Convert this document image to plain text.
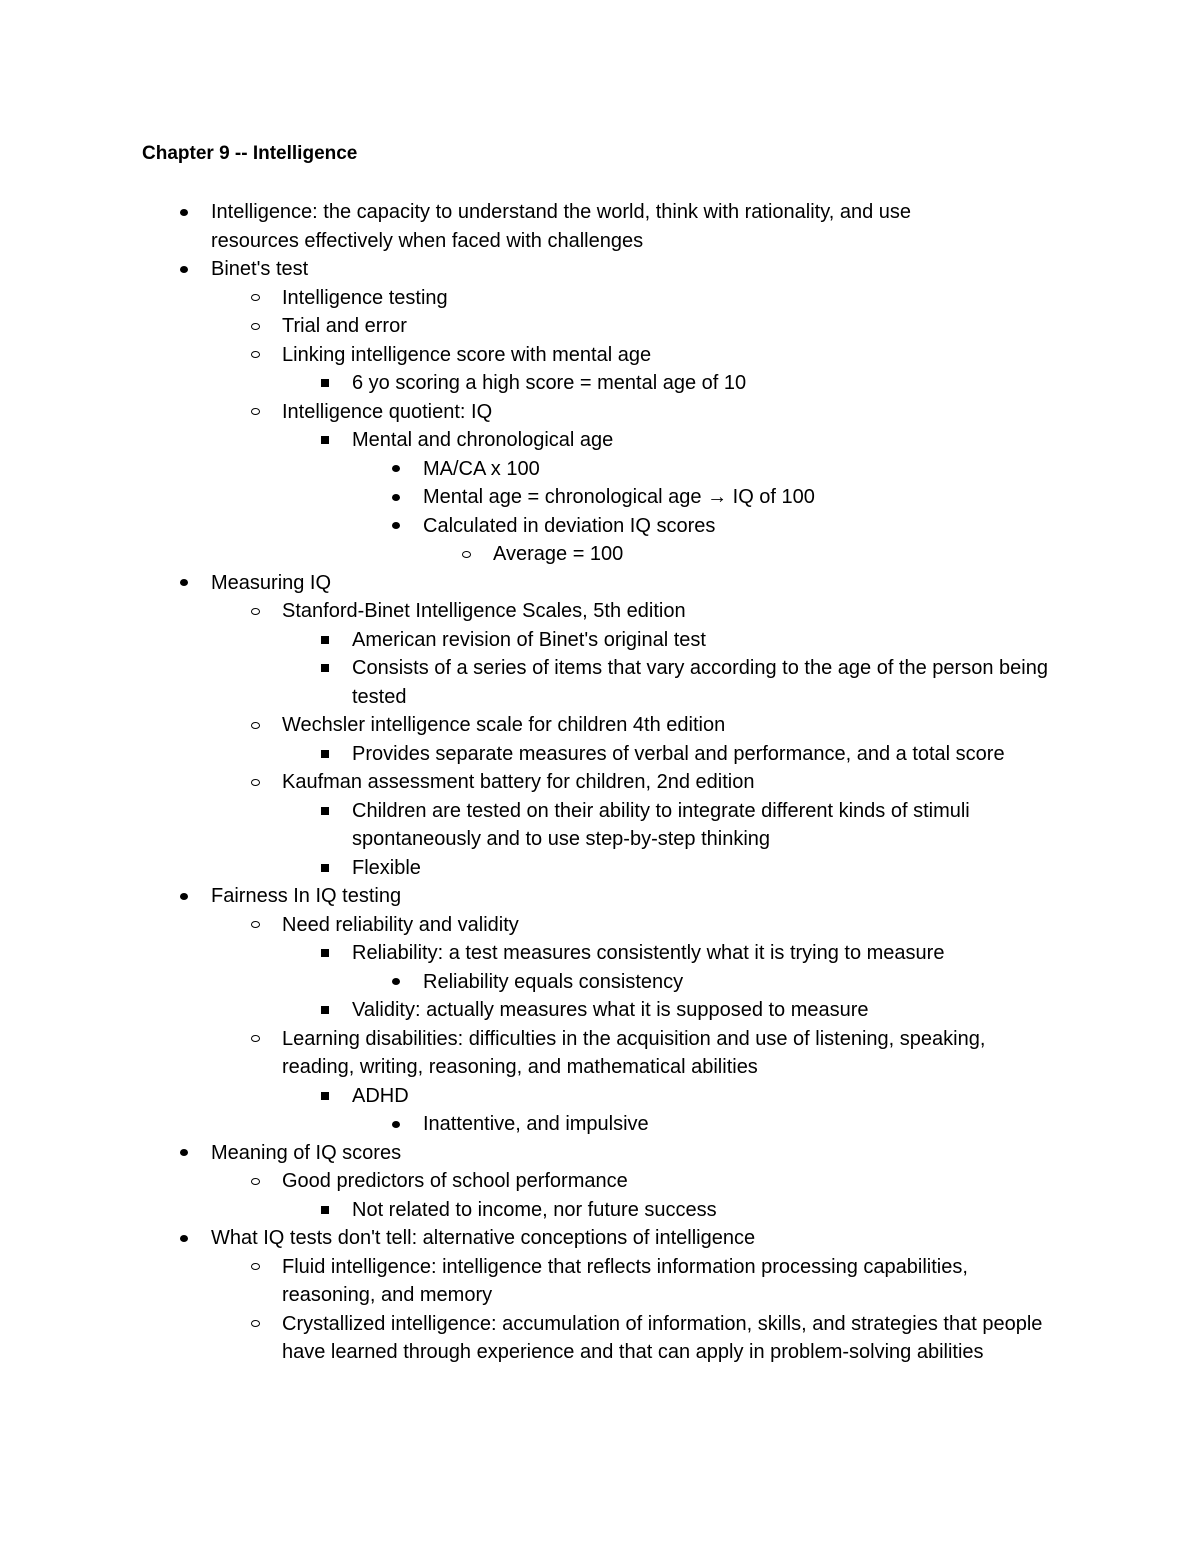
Chapter 9 -- Intelligence
Intelligence: the capacity to understand the world, think with rationality, and use resources effectively when faced with challenges
Binet's test
Intelligence testing
Trial and error
Linking intelligence score with mental age
6 yo scoring a high score = mental age of 10
Intelligence quotient: IQ
Mental and chronological age
MA/CA x 100
Mental age = chronological age → IQ of 100
Calculated in deviation IQ scores
Average = 100
Measuring IQ
Stanford-Binet Intelligence Scales, 5th edition
American revision of Binet's original test
Consists of a series of items that vary according to the age of the person being tested
Wechsler intelligence scale for children 4th edition
Provides separate measures of verbal and performance, and a total score
Kaufman assessment battery for children, 2nd edition
Children are tested on their ability to integrate different kinds of stimuli spontaneously and to use step-by-step thinking
Flexible
Fairness In IQ testing
Need reliability and validity
Reliability: a test measures consistently what it is trying to measure
Reliability equals consistency
Validity: actually measures what it is supposed to measure
Learning disabilities: difficulties in the acquisition and use of listening, speaking, reading, writing, reasoning, and mathematical abilities
ADHD
Inattentive, and impulsive
Meaning of IQ scores
Good predictors of school performance
Not related to income, nor future success
What IQ tests don't tell: alternative conceptions of intelligence
Fluid intelligence: intelligence that reflects information processing capabilities, reasoning, and memory
Crystallized intelligence: accumulation of information, skills, and strategies that people have learned through experience and that can apply in problem-solving abilities
